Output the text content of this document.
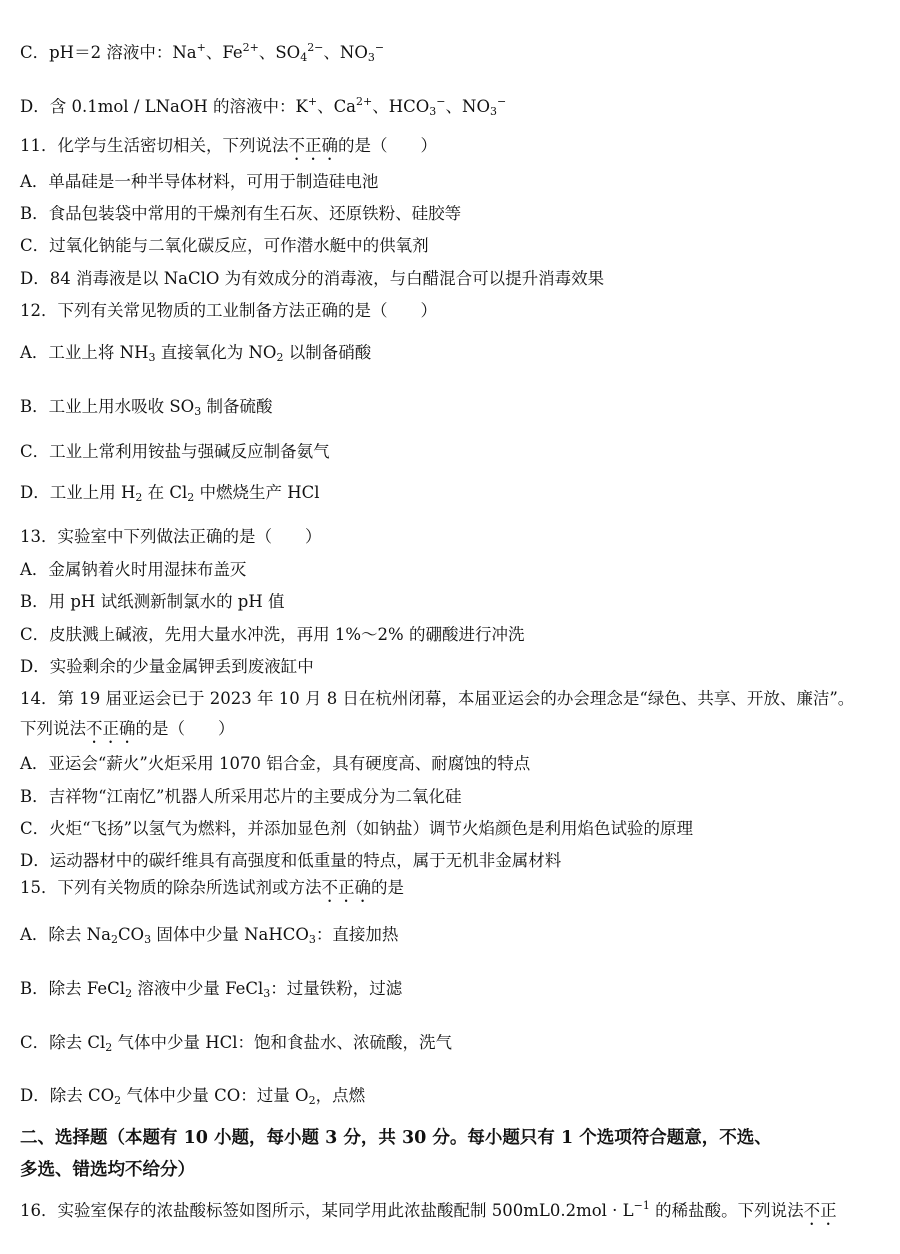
C．pH＝2 溶液中：Na+、$Fe^{2+}$、$SO_4^{2-}$、$NO_3^-$
D．含 0.1mol / LNaOH 的溶液中：K+、$Ca^{2+}$、$HCO_3^-$、$NO_3^-$
11．化学与生活密切相关，下列说法不正确的是（　　）
A．单晶硅是一种半导体材料，可用于制造硅电池
B．食品包装袋中常用的干燥剂有生石灰、还原铁粉、硅胶等
C．过氧化钠能与二氧化碳反应，可作潜水艇中的供氧剂
D．84 消毒液是以 NaClO 为有效成分的消毒液，与白醋混合可以提升消毒效果
12．下列有关常见物质的工业制备方法正确的是（　　）
A．工业上将 $NH_3$ 直接氧化为 $NO_2$ 以制备硝酸
B．工业上用水吸收 $SO_3$ 制备硫酸
C．工业上常利用铵盐与强碱反应制备氨气
D．工业上用 $H_2$ 在 $Cl_2$ 中燃烧生产 HCl
13．实验室中下列做法正确的是（　　）
A．金属钠着火时用湿抹布盖灭
B．用 pH 试纸测新制氯水的 pH 值
C．皮肤溅上碱液，先用大量水冲洗，再用 1%～2% 的硼酸进行冲洗
D．实验剩余的少量金属钾丢到废液缸中
14．第 19 届亚运会已于 2023 年 10 月 8 日在杭州闭幕，本届亚运会的办会理念是“绿色、共享、开放、廉洁”。
下列说法不正确的是（　　）
A．亚运会“薪火”火炬采用 1070 铝合金，具有硬度高、耐腐蚀的特点
B．吉祥物“江南忆”机器人所采用芯片的主要成分为二氧化硅
C．火炬“飞扬”以氢气为燃料，并添加显色剂（如钠盐）调节火焰颜色是利用焰色试验的原理
D．运动器材中的碳纤维具有高强度和低重量的特点，属于无机非金属材料
15．下列有关物质的除杂所选试剂或方法不正确的是
A．除去 $Na_2CO_3$ 固体中少量 NaHCO$_3$：直接加热
B．除去 FeCl$_2$ 溶液中少量 FeCl$_3$：过量铁粉，过滤
C．除去 $Cl_2$ 气体中少量 HCl：饱和食盐水、浓硫酸，洗气
D．除去 $CO_2$ 气体中少量 CO：过量 $O_2$，点燃
二、选择题（本题有 10 小题，每小题 3 分，共 30 分。每小题只有 1 个选项符合题意，不选、
多选、错选均不给分）
16．实验室保存的浓盐酸标签如图所示，某同学用此浓盐酸配制 $500mL0.2mol \cdot L^{-1}$ 的稀盐酸。下列说法不正
